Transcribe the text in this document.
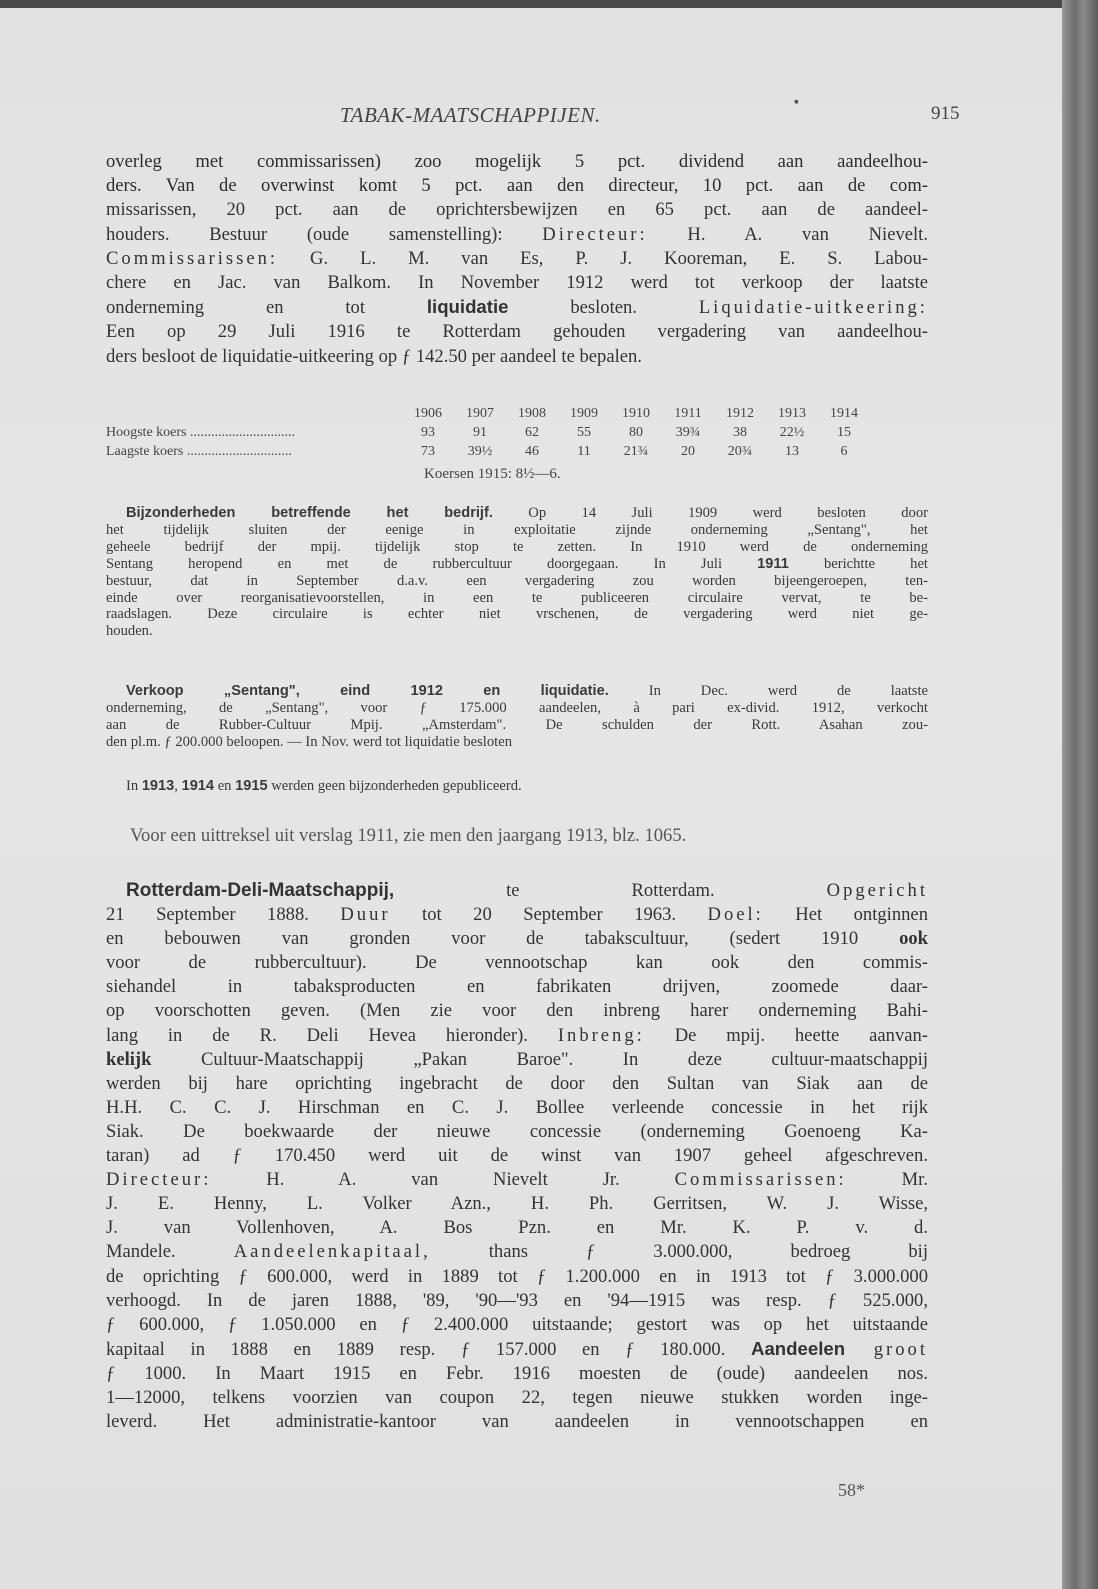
TABAK-MAATSCHAPPIJEN.
▪
915
overleg met commissarissen) zoo mogelijk 5 pct. dividend aan aandeelhou-
ders. Van de overwinst komt 5 pct. aan den directeur, 10 pct. aan de com-
missarissen, 20 pct. aan de oprichtersbewijzen en 65 pct. aan de aandeel-
houders. Bestuur (oude samenstelling): Directeur: H. A. van Nievelt.
Commissarissen: G. L. M. van Es, P. J. Kooreman, E. S. Labou-
chere en Jac. van Balkom. In November 1912 werd tot verkoop der laatste
onderneming en tot liquidatie besloten. Liquidatie-uitkeering:
Een op 29 Juli 1916 te Rotterdam gehouden vergadering van aandeelhou-
ders besloot de liquidatie-uitkeering op ƒ 142.50 per aandeel te bepalen.
1906	1907	1908	1909	1910	1911	1912	1913	1914
Hoogste koers ..............................	93	91	62	55	80	39¾	38	22½	15
Laagste koers ..............................	73	39½	46	11	21¾	20	20¾	13	6
Koersen 1915: 8½—6.
Bijzonderheden betreffende het bedrijf. Op 14 Juli 1909 werd besloten door
het tijdelijk sluiten der eenige in exploitatie zijnde onderneming „Sentang", het
geheele bedrijf der mpij. tijdelijk stop te zetten. In 1910 werd de onderneming
Sentang heropend en met de rubbercultuur doorgegaan. In Juli 1911 berichtte het
bestuur, dat in September d.a.v. een vergadering zou worden bijeengeroepen, ten-
einde over reorganisatievoorstellen, in een te publiceeren circulaire vervat, te be-
raadslagen. Deze circulaire is echter niet vrschenen, de vergadering werd niet ge-
houden.
Verkoop „Sentang", eind 1912 en liquidatie. In Dec. werd de laatste
onderneming, de „Sentang", voor ƒ 175.000 aandeelen, à pari ex-divid. 1912, verkocht
aan de Rubber-Cultuur Mpij. „Amsterdam". De schulden der Rott. Asahan zou-
den pl.m. ƒ 200.000 beloopen. — In Nov. werd tot liquidatie besloten
In 1913, 1914 en 1915 werden geen bijzonderheden gepubliceerd.
Voor een uittreksel uit verslag 1911, zie men den jaargang 1913, blz. 1065.
Rotterdam-Deli-Maatschappij, te Rotterdam. Opgericht
21 September 1888. Duur tot 20 September 1963. Doel: Het ontginnen
en bebouwen van gronden voor de tabakscultuur, (sedert 1910 ook
voor de rubbercultuur). De vennootschap kan ook den commis-
siehandel in tabaksproducten en fabrikaten drijven, zoomede daar-
op voorschotten geven. (Men zie voor den inbreng harer onderneming Bahi-
lang in de R. Deli Hevea hieronder). Inbreng: De mpij. heette aanvan-
kelijk Cultuur-Maatschappij „Pakan Baroe". In deze cultuur-maatschappij
werden bij hare oprichting ingebracht de door den Sultan van Siak aan de
H.H. C. C. J. Hirschman en C. J. Bollee verleende concessie in het rijk
Siak. De boekwaarde der nieuwe concessie (onderneming Goenoeng Ka-
taran) ad ƒ 170.450 werd uit de winst van 1907 geheel afgeschreven.
Directeur: H. A. van Nievelt Jr. Commissarissen: Mr.
J. E. Henny, L. Volker Azn., H. Ph. Gerritsen, W. J. Wisse,
J. van Vollenhoven, A. Bos Pzn. en Mr. K. P. v. d.
Mandele. Aandeelenkapitaal, thans ƒ 3.000.000, bedroeg bij
de oprichting ƒ 600.000, werd in 1889 tot ƒ 1.200.000 en in 1913 tot ƒ 3.000.000
verhoogd. In de jaren 1888, '89, '90—'93 en '94—1915 was resp. ƒ 525.000,
ƒ 600.000, ƒ 1.050.000 en ƒ 2.400.000 uitstaande; gestort was op het uitstaande
kapitaal in 1888 en 1889 resp. ƒ 157.000 en ƒ 180.000. Aandeelen groot
ƒ 1000. In Maart 1915 en Febr. 1916 moesten de (oude) aandeelen nos.
1—12000, telkens voorzien van coupon 22, tegen nieuwe stukken worden inge-
leverd. Het administratie-kantoor van aandeelen in vennootschappen en
58*
